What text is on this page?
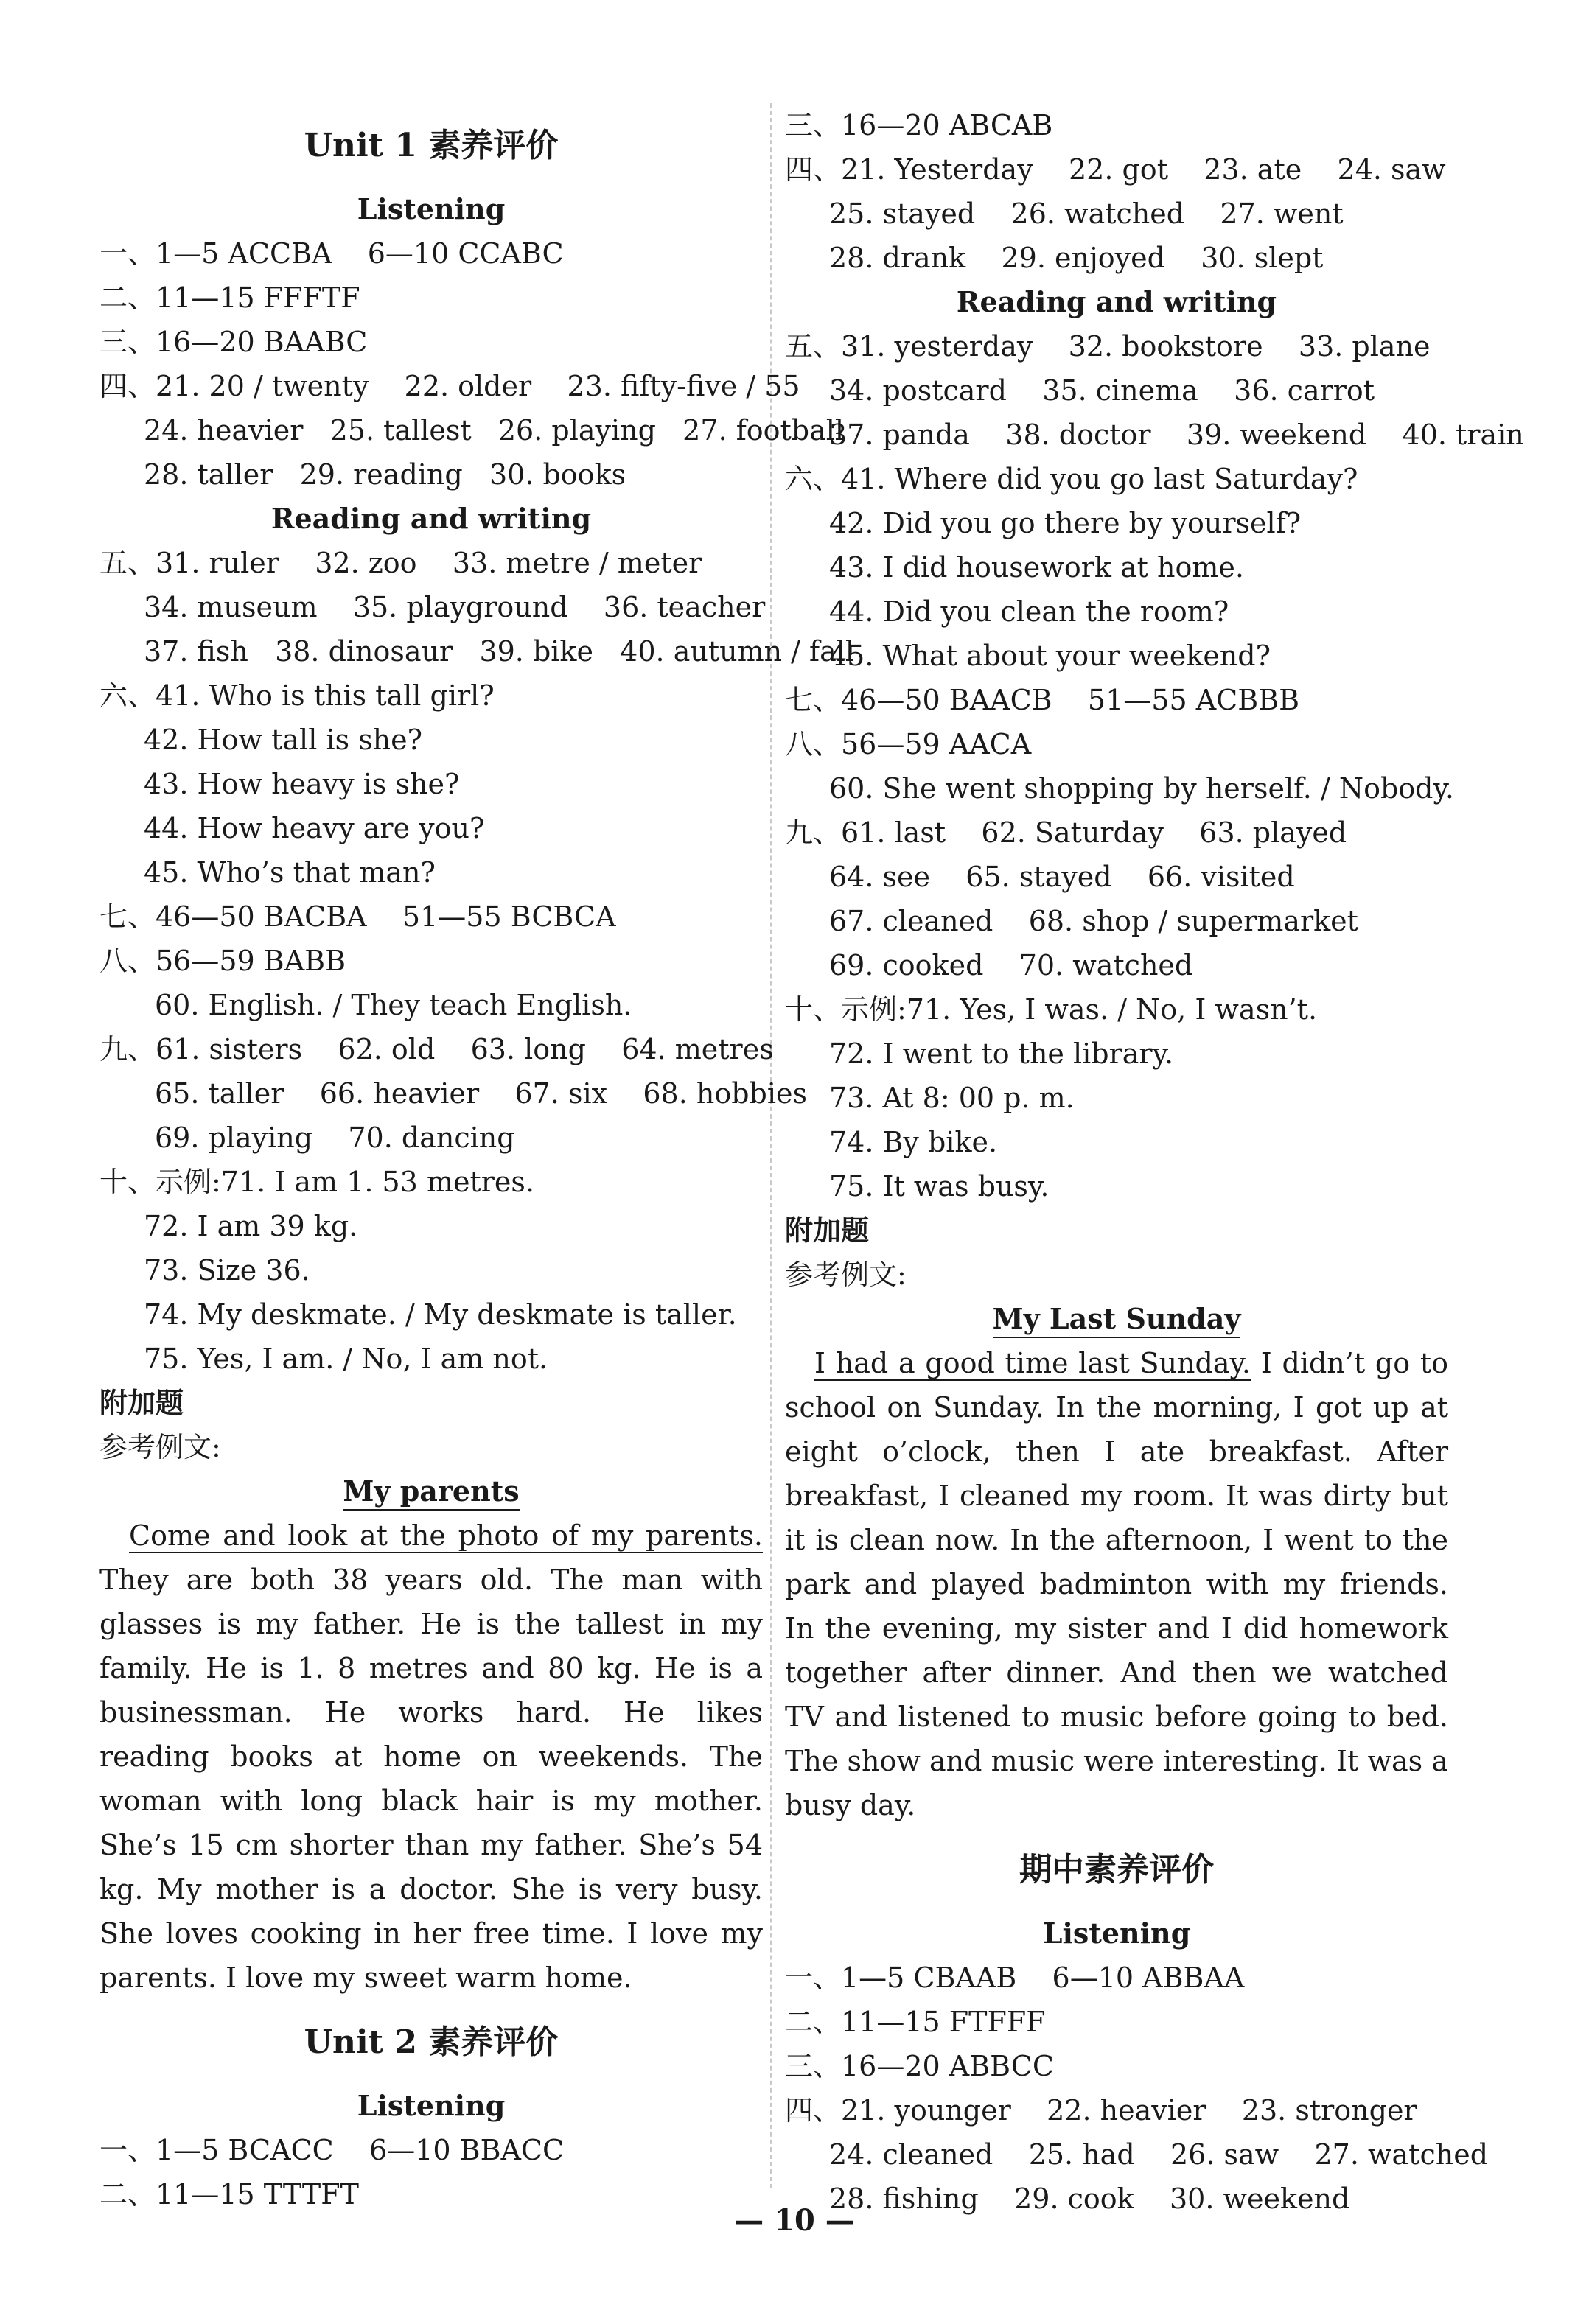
Unit 1 素养评价
Listening
一、1—5 ACCBA    6—10 CCABC
二、11—15 FFFTF
三、16—20 BAABC
四、21. 20 / twenty    22. older    23. fifty-five / 55
24. heavier   25. tallest   26. playing   27. football
28. taller   29. reading   30. books
Reading and writing
五、31. ruler    32. zoo    33. metre / meter
34. museum    35. playground    36. teacher
37. fish   38. dinosaur   39. bike   40. autumn / fall
六、41. Who is this tall girl?
42. How tall is she?
43. How heavy is she?
44. How heavy are you?
45. Who’s that man?
七、46—50 BACBA    51—55 BCBCA
八、56—59 BABB
60. English. / They teach English.
九、61. sisters    62. old    63. long    64. metres
65. taller    66. heavier    67. six    68. hobbies
69. playing    70. dancing
十、示例:71. I am 1. 53 metres.
72. I am 39 kg.
73. Size 36.
74. My deskmate. / My deskmate is taller.
75. Yes, I am. / No, I am not.
附加题
参考例文:
My parents

Come and look at the photo of my parents. They are both 38 years old. The man with glasses is my father. He is the tallest in my family. He is 1. 8 metres and 80 kg. He is a businessman. He works hard. He likes reading books at home on weekends. The woman with long black hair is my mother. She’s 15 cm shorter than my father. She’s 54 kg. My mother is a doctor. She is very busy. She loves cooking in her free time. I love my parents. I love my sweet warm home.

Unit 2 素养评价
Listening
一、1—5 BCACC    6—10 BBACC
二、11—15 TTTFT
三、16—20 ABCAB
四、21. Yesterday    22. got    23. ate    24. saw
25. stayed    26. watched    27. went
28. drank    29. enjoyed    30. slept
Reading and writing
五、31. yesterday    32. bookstore    33. plane
34. postcard    35. cinema    36. carrot
37. panda    38. doctor    39. weekend    40. train
六、41. Where did you go last Saturday?
42. Did you go there by yourself?
43. I did housework at home.
44. Did you clean the room?
45. What about your weekend?
七、46—50 BAACB    51—55 ACBBB
八、56—59 AACA
60. She went shopping by herself. / Nobody.
九、61. last    62. Saturday    63. played
64. see    65. stayed    66. visited
67. cleaned    68. shop / supermarket
69. cooked    70. watched
十、示例:71. Yes, I was. / No, I wasn’t.
72. I went to the library.
73. At 8: 00 p. m.
74. By bike.
75. It was busy.
附加题
参考例文:
My Last Sunday

I had a good time last Sunday. I didn’t go to school on Sunday. In the morning, I got up at eight o’clock, then I ate breakfast. After breakfast, I cleaned my room. It was dirty but it is clean now. In the afternoon, I went to the park and played badminton with my friends. In the evening, my sister and I did homework together after dinner. And then we watched TV and listened to music before going to bed. The show and music were interesting. It was a busy day.

期中素养评价
Listening
一、1—5 CBAAB    6—10 ABBAA
二、11—15 FTFFF
三、16—20 ABBCC
四、21. younger    22. heavier    23. stronger
24. cleaned    25. had    26. saw    27. watched
28. fishing    29. cook    30. weekend
— 10 —
